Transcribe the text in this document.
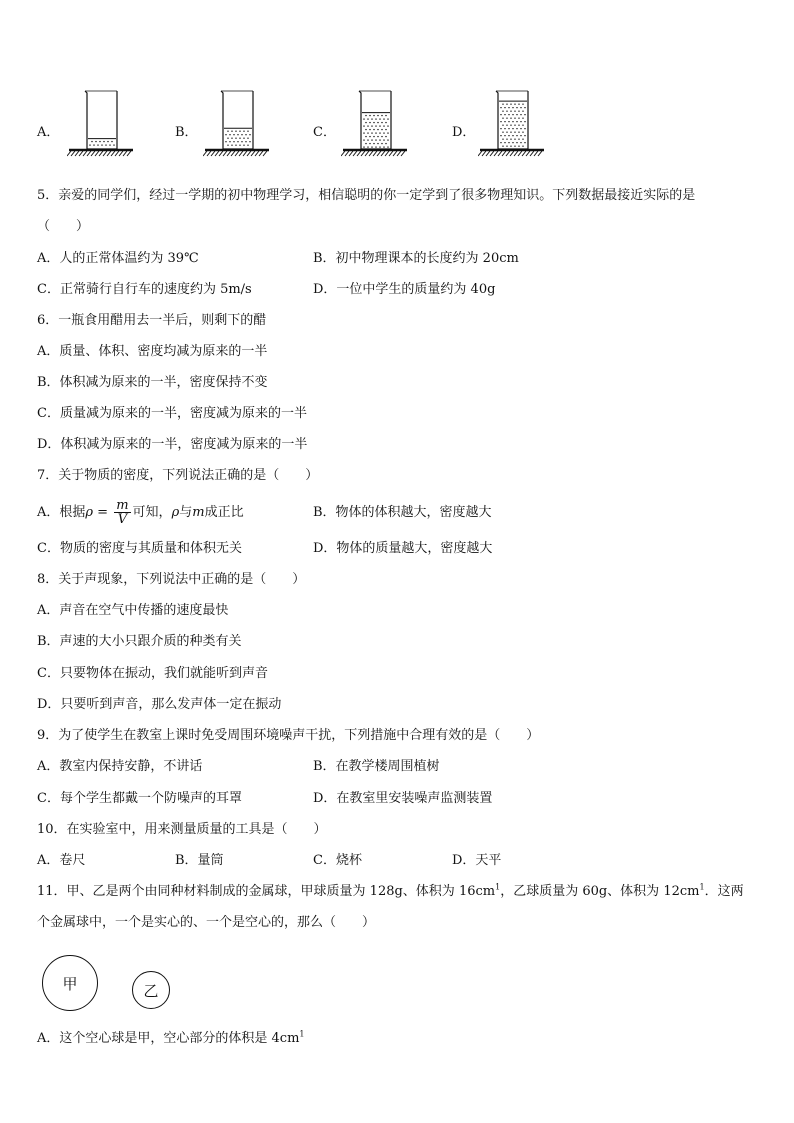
A．	B．	C．	D．
5．亲爱的同学们，经过一学期的初中物理学习，相信聪明的你一定学到了很多物理知识。下列数据最接近实际的是
（　　）
A．人的正常体温约为 39℃	B．初中物理课本的长度约为 20cm
C．正常骑行自行车的速度约为 5m/s	D．一位中学生的质量约为 40g
6．一瓶食用醋用去一半后，则剩下的醋
A．质量、体积、密度均减为原来的一半
B．体积减为原来的一半，密度保持不变
C．质量减为原来的一半，密度减为原来的一半
D．体积减为原来的一半，密度减为原来的一半
7．关于物质的密度，下列说法正确的是（　　）
A．根据$\rho = \frac{m}{V}$ 可知，ρ与m成正比	B．物体的体积越大，密度越大
C．物质的密度与其质量和体积无关	D．物体的质量越大，密度越大
8．关于声现象，下列说法中正确的是（　　）
A．声音在空气中传播的速度最快
B．声速的大小只跟介质的种类有关
C．只要物体在振动，我们就能听到声音
D．只要听到声音，那么发声体一定在振动
9．为了使学生在教室上课时免受周围环境噪声干扰，下列措施中合理有效的是（　　）
A．教室内保持安静，不讲话	B．在教学楼周围植树
C．每个学生都戴一个防噪声的耳罩	D．在教室里安装噪声监测装置
10．在实验室中，用来测量质量的工具是（　　）
A．卷尺	B．量筒	C．烧杯	D．天平
11．甲、乙是两个由同种材料制成的金属球，甲球质量为 128g、体积为 $16cm^1$，乙球质量为 60g、体积为 $12cm^1$．这两
个金属球中，一个是实心的、一个是空心的，那么（　　）
甲	乙
A．这个空心球是甲，空心部分的体积是 $4cm^1$
